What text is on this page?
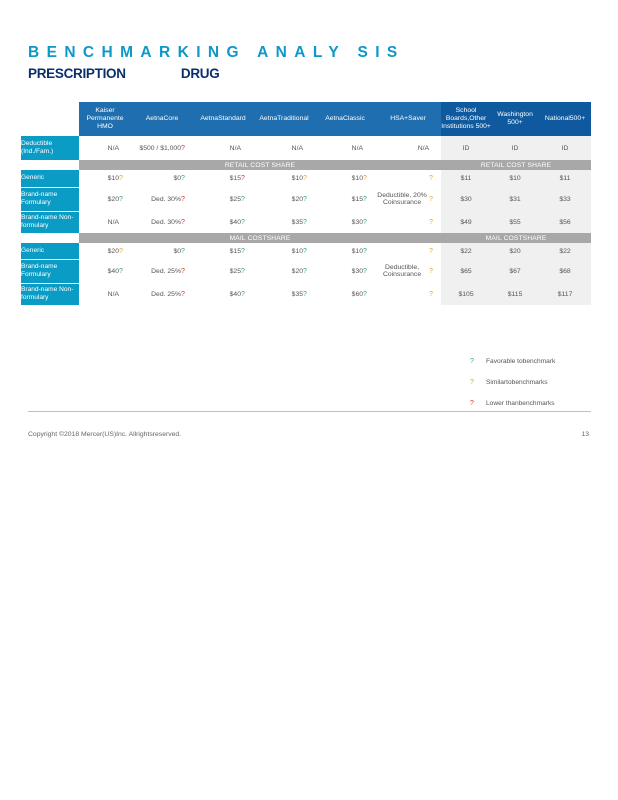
BENCHMARKING ANALY SIS
PRESCRIPTION	DRUG
	Kaiser Permanente HMO		AetnaCore		AetnaStandard		AetnaTraditional		AetnaClassic		HSA+Saver		School Boards,Other Institutions 500+	Washington 500+	National500+
Deductible (Ind./Fam.)	N/A		$500 / $1,000	?	N/A		N/A		N/A		N/A		ID	ID	ID
	RETAIL COST SHARE												RETAIL COST SHARE		
Generic	$10	?	$0	?	$15	?	$10	?	$10	?		?	$11	$10	$11
Brand-name Formulary	$20	?	Ded. 30%	?	$25	?	$20	?	$15	?	Deductible, 20% Coinsurance	?	$30	$31	$33
Brand-name Non-formulary	N/A		Ded. 30%	?	$40	?	$35	?	$30	?		?	$49	$55	$56
	MAIL COSTSHARE												MAIL COSTSHARE		
Generic	$20	?	$0	?	$15	?	$10	?	$10	?		?	$22	$20	$22
Brand-name Formulary	$40	?	Ded. 25%	?	$25	?	$20	?	$30	?	Deductible, Coinsurance	?	$65	$67	$68
Brand-name Non-formulary	N/A		Ded. 25%	?	$40	?	$35	?	$60	?		?	$105	$115	$117
?	Favorable tobenchmark
?	Similartobenchmarks
?	Lower thanbenchmarks
Copyright ©2018 Mercer(US)Inc. Allrightsreserved.	13
